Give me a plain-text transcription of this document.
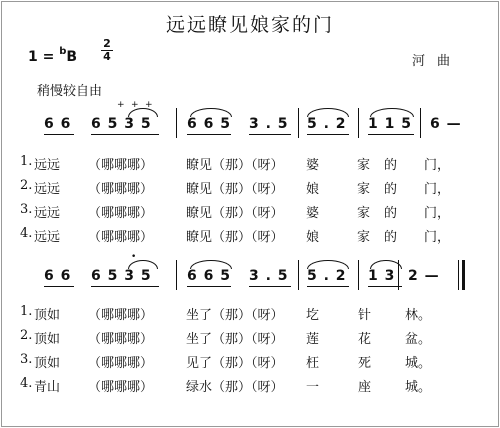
远远瞭见娘家的门
1 = $^b$B
2
4	河曲
稍慢较自由
+ + +
6 6 6 5 3 5	6 6 5 3 . 5 5 . 2 1 1 5 6 —
1. 远远 （哪哪哪）	瞭见（那）（呀） 婆	家的 门，
2. 远远 （哪哪哪）	瞭见（那）（呀） 娘	家的 门，
3. 远远 （哪哪哪）	瞭见（那）（呀） 婆	家的 门，
4. 远远 （哪哪哪）	瞭见（那）（呀） 娘	家的 门，
•
6 6 6 5 3 5	6 6 5 3 . 5 5 . 2 1 3 2 —
1. 顶如 （哪哪哪）	坐了（那）（呀） 圪	针	林。
2. 顶如 （哪哪哪）	坐了（那）（呀） 莲	花	盆。
3. 顶如 （哪哪哪）	见了（那）（呀） 枉	死	城。
4. 青山 （哪哪哪）	绿水（那）（呀） 一	座	城。
